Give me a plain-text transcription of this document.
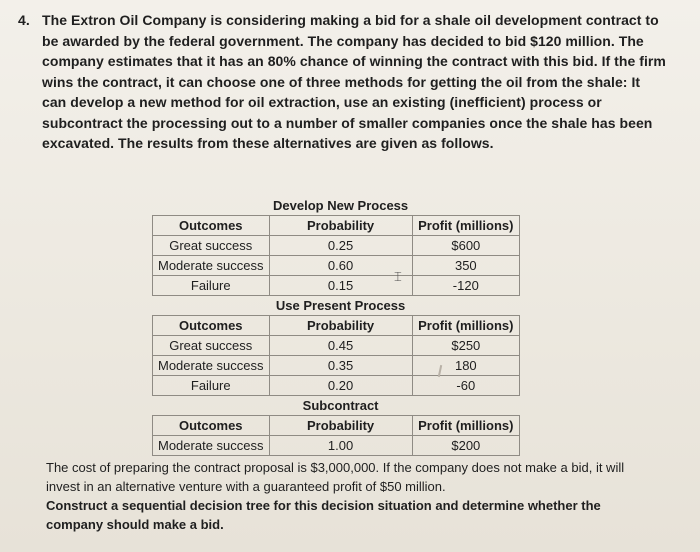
4. The Extron Oil Company is considering making a bid for a shale oil development contract to be awarded by the federal government. The company has decided to bid $120 million. The company estimates that it has an 80% chance of winning the contract with this bid. If the firm wins the contract, it can choose one of three methods for getting the oil from the shale: It can develop a new method for oil extraction, use an existing (inefficient) process or subcontract the processing out to a number of smaller companies once the shale has been excavated. The results from these alternatives are given as follows.
	Develop New Process	
Outcomes	Probability	Profit (millions)
Great success	0.25	$600
Moderate success	0.60	350
Failure	0.15	-120
	Use Present Process	
Outcomes	Probability	Profit (millions)
Great success	0.45	$250
Moderate success	0.35	180
Failure	0.20	-60
	Subcontract	
Outcomes	Probability	Profit (millions)
Moderate success	1.00	$200
⌶
The cost of preparing the contract proposal is $3,000,000. If the company does not make a bid, it will invest in an alternative venture with a guaranteed profit of $50 million.
Construct a sequential decision tree for this decision situation and determine whether the company should make a bid.
